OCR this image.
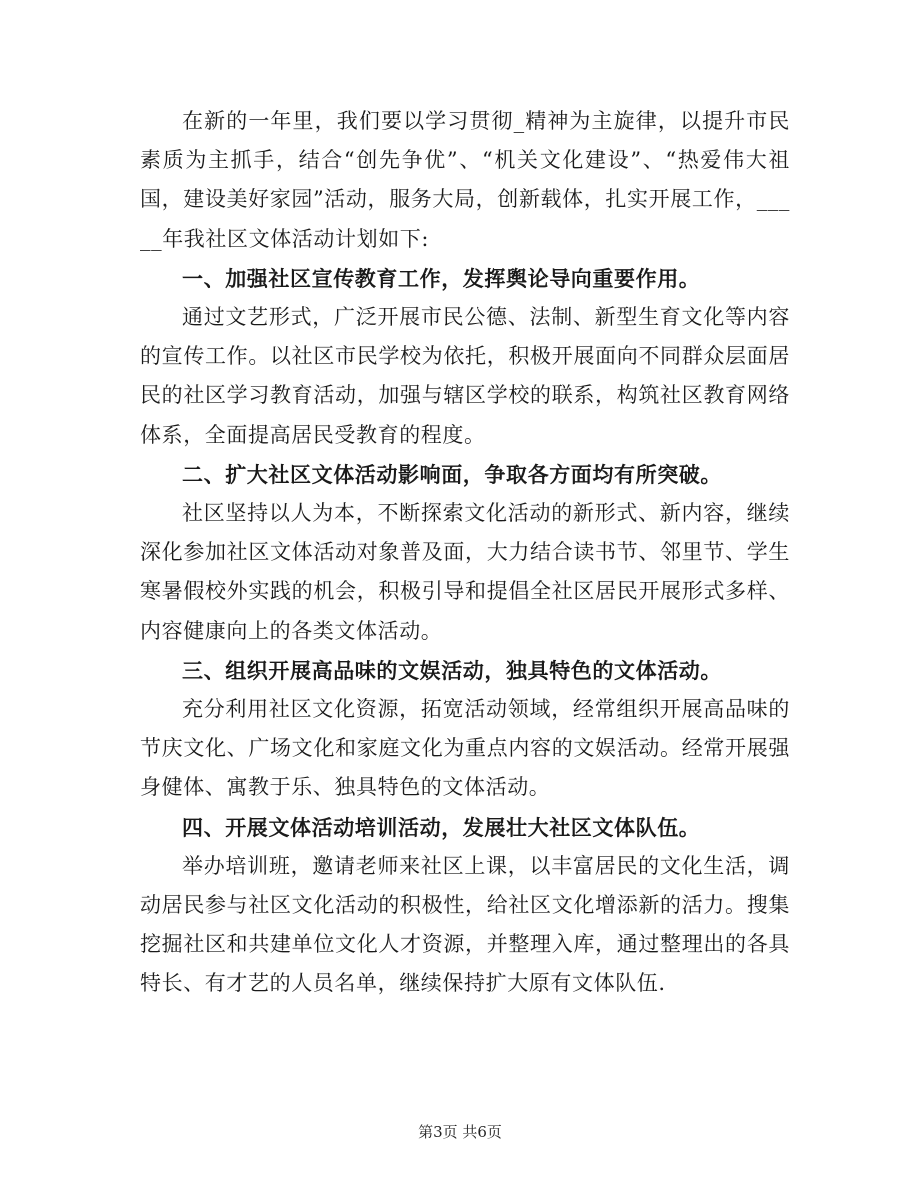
在新的一年里，我们要以学习贯彻_精神为主旋律，以提升市民素质为主抓手，结合“创先争优”、“机关文化建设”、“热爱伟大祖国，建设美好家园”活动，服务大局，创新载体，扎实开展工作，_____年我社区文体活动计划如下:

一、加强社区宣传教育工作，发挥舆论导向重要作用。

通过文艺形式，广泛开展市民公德、法制、新型生育文化等内容的宣传工作。以社区市民学校为依托，积极开展面向不同群众层面居民的社区学习教育活动，加强与辖区学校的联系，构筑社区教育网络体系，全面提高居民受教育的程度。

二、扩大社区文体活动影响面，争取各方面均有所突破。

社区坚持以人为本，不断探索文化活动的新形式、新内容，继续深化参加社区文体活动对象普及面，大力结合读书节、邻里节、学生寒暑假校外实践的机会，积极引导和提倡全社区居民开展形式多样、内容健康向上的各类文体活动。

三、组织开展高品味的文娱活动，独具特色的文体活动。

充分利用社区文化资源，拓宽活动领域，经常组织开展高品味的节庆文化、广场文化和家庭文化为重点内容的文娱活动。经常开展强身健体、寓教于乐、独具特色的文体活动。

四、开展文体活动培训活动，发展壮大社区文体队伍。

举办培训班，邀请老师来社区上课，以丰富居民的文化生活，调动居民参与社区文化活动的积极性，给社区文化增添新的活力。搜集挖掘社区和共建单位文化人才资源，并整理入库，通过整理出的各具特长、有才艺的人员名单，继续保持扩大原有文体队伍.

第3页 共6页
